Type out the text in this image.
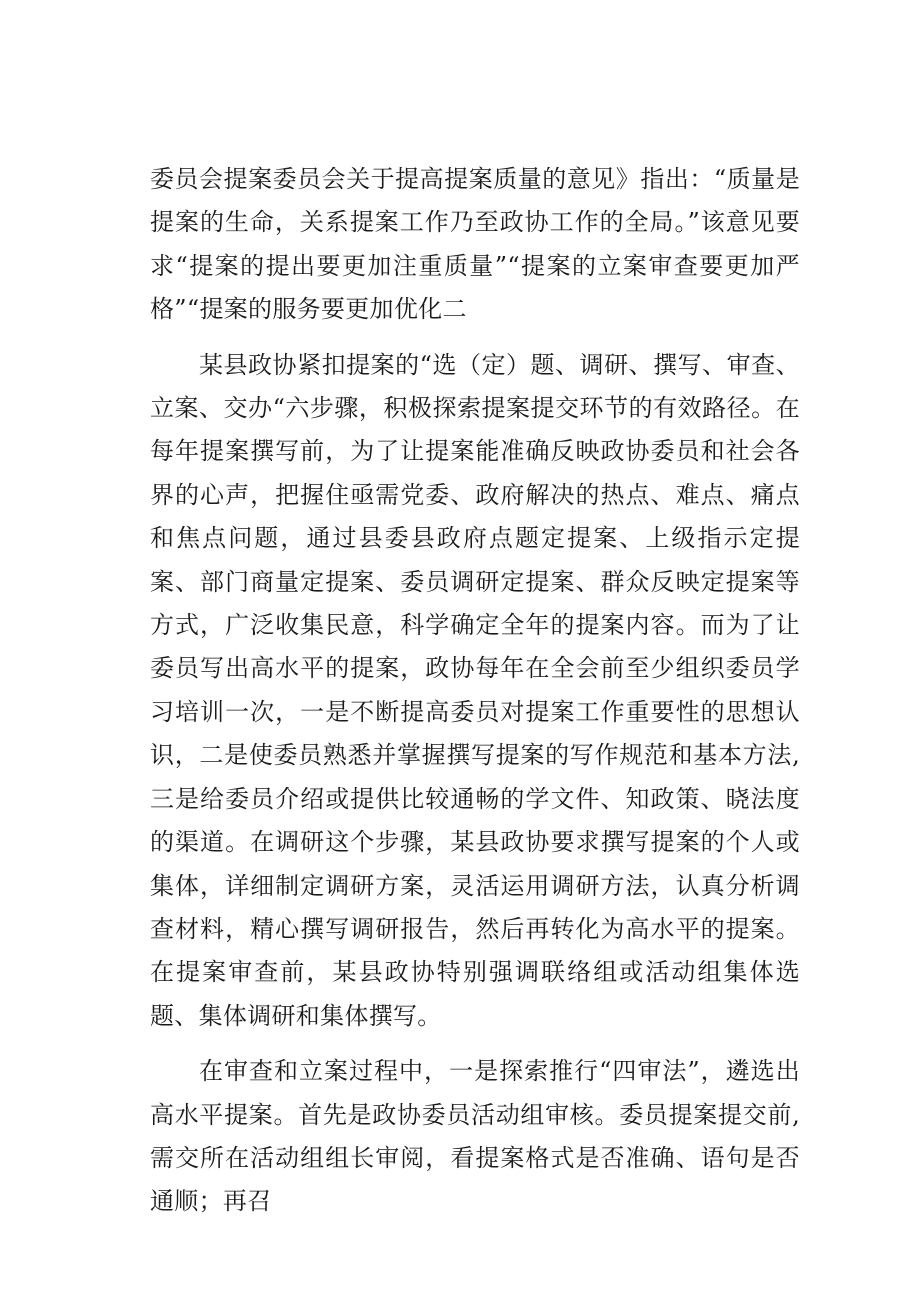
委员会提案委员会关于提高提案质量的意见》指出：“质量是提案的生命，关系提案工作乃至政协工作的全局。”该意见要求“提案的提出要更加注重质量”“提案的立案审查要更加严格”“提案的服务要更加优化二

某县政协紧扣提案的“选（定）题、调研、撰写、审查、立案、交办“六步骤，积极探索提案提交环节的有效路径。在每年提案撰写前，为了让提案能准确反映政协委员和社会各界的心声，把握住亟需党委、政府解决的热点、难点、痛点和焦点问题，通过县委县政府点题定提案、上级指示定提案、部门商量定提案、委员调研定提案、群众反映定提案等方式，广泛收集民意，科学确定全年的提案内容。而为了让委员写出高水平的提案，政协每年在全会前至少组织委员学习培训一次，一是不断提高委员对提案工作重要性的思想认识，二是使委员熟悉并掌握撰写提案的写作规范和基本方法,三是给委员介绍或提供比较通畅的学文件、知政策、晓法度的渠道。在调研这个步骤，某县政协要求撰写提案的个人或集体，详细制定调研方案，灵活运用调研方法，认真分析调查材料，精心撰写调研报告，然后再转化为高水平的提案。在提案审查前，某县政协特别强调联络组或活动组集体选题、集体调研和集体撰写。

在审查和立案过程中，一是探索推行“四审法”，遴选出高水平提案。首先是政协委员活动组审核。委员提案提交前,需交所在活动组组长审阅，看提案格式是否准确、语句是否通顺；再召
